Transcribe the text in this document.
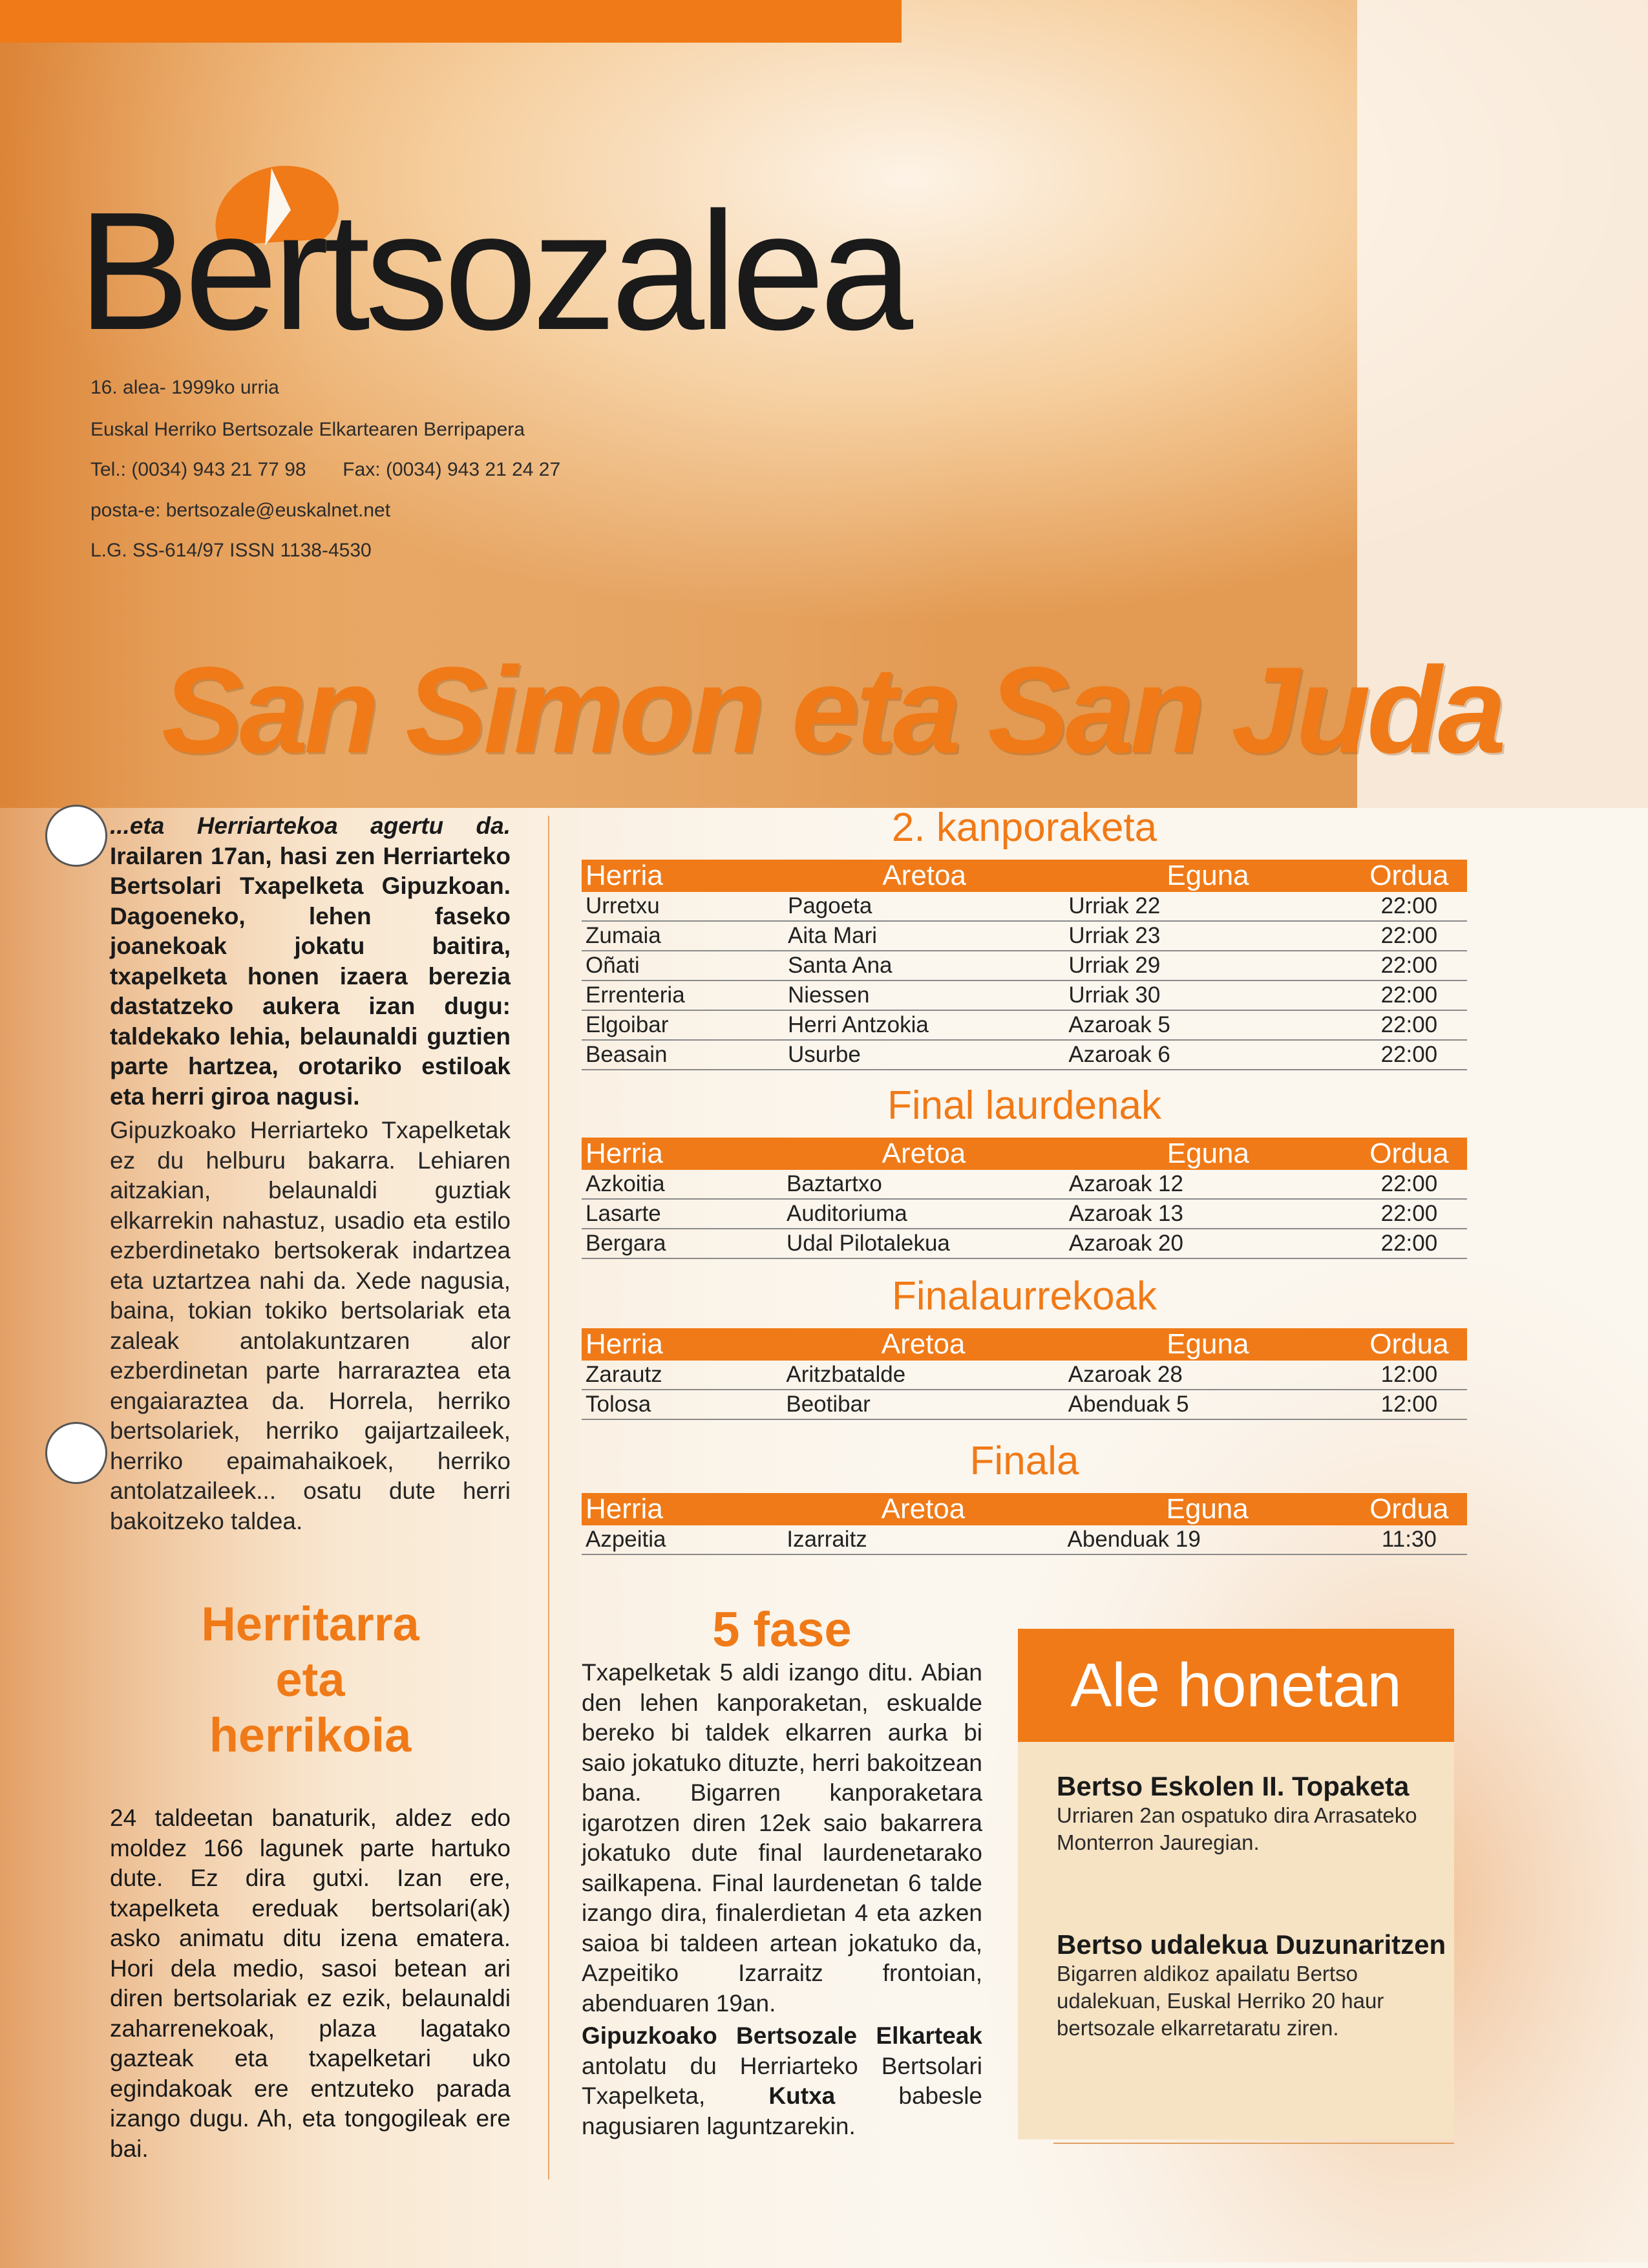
Bertsozalea
16. alea- 1999ko urria
Euskal Herriko Bertsozale Elkartearen Berripapera
Tel.: (0034) 943 21 77 98 Fax: (0034) 943 21 24 27
posta-e: bertsozale@euskalnet.net
L.G. SS-614/97 ISSN 1138-4530
San Simon eta San Juda
...eta Herriartekoa agertu da. Irailaren 17an, hasi zen Herriarteko Bertsolari Txapelketa Gipuzkoan. Dagoeneko, lehen faseko joanekoak jokatu baitira, txapelketa honen izaera berezia dastatzeko aukera izan dugu: taldekako lehia, belaunaldi guztien parte hartzea, orotariko estiloak eta herri giroa nagusi.
Gipuzkoako Herriarteko Txapelketak ez du helburu bakarra. Lehiaren aitzakian, belaunaldi guztiak elkarrekin nahastuz, usadio eta estilo ezberdinetako bertsokerak indartzea eta uztartzea nahi da. Xede nagusia, baina, tokian tokiko bertsolariak eta zaleak antolakuntzaren alor ezberdinetan parte harraraztea eta engaiaraztea da. Horrela, herriko bertsolariek, herriko gaijartzaileek, herriko epaimahaikoek, herriko antolatzaileek... osatu dute herri bakoitzeko taldea.
Herritarra
eta
herrikoia
24 taldeetan banaturik, aldez edo moldez 166 lagunek parte hartuko dute. Ez dira gutxi. Izan ere, txapelketa ereduak bertsolari(ak) asko animatu ditu izena ematera. Hori dela medio, sasoi betean ari diren bertsolariak ez ezik, belaunaldi zaharrenekoak, plaza lagatako gazteak eta txapelketari uko egindakoak ere entzuteko parada izango dugu. Ah, eta tongogileak ere bai.
2. kanporaketa
Herria	Aretoa	Eguna	Ordua
Urretxu	Pagoeta	Urriak 22	22:00
Zumaia	Aita Mari	Urriak 23	22:00
Oñati	Santa Ana	Urriak 29	22:00
Errenteria	Niessen	Urriak 30	22:00
Elgoibar	Herri Antzokia	Azaroak 5	22:00
Beasain	Usurbe	Azaroak 6	22:00
Final laurdenak
Herria	Aretoa	Eguna	Ordua
Azkoitia	Baztartxo	Azaroak 12	22:00
Lasarte	Auditoriuma	Azaroak 13	22:00
Bergara	Udal Pilotalekua	Azaroak 20	22:00
Finalaurrekoak
Herria	Aretoa	Eguna	Ordua
Zarautz	Aritzbatalde	Azaroak 28	12:00
Tolosa	Beotibar	Abenduak 5	12:00
Finala
Herria	Aretoa	Eguna	Ordua
Azpeitia	Izarraitz	Abenduak 19	11:30
5 fase
Txapelketak 5 aldi izango ditu. Abian den lehen kanporaketan, eskualde bereko bi taldek elkarren aurka bi saio jokatuko dituzte, herri bakoitzean bana. Bigarren kanporaketara igarotzen diren 12ek saio bakarrera jokatuko dute final laurdenetarako sailkapena. Final laurdenetan 6 talde izango dira, finalerdietan 4 eta azken saioa bi taldeen artean jokatuko da, Azpeitiko Izarraitz frontoian, abenduaren 19an.
Gipuzkoako Bertsozale Elkarteak antolatu du Herriarteko Bertsolari Txapelketa, Kutxa babesle nagusiaren laguntzarekin.
Ale honetan
Bertso Eskolen II. Topaketa
Urriaren 2an ospatuko dira Arrasateko Monterron Jauregian.
Bertso udalekua Duzunaritzen
Bigarren aldikoz apailatu Bertso udalekuan, Euskal Herriko 20 haur bertsozale elkarretaratu ziren.
